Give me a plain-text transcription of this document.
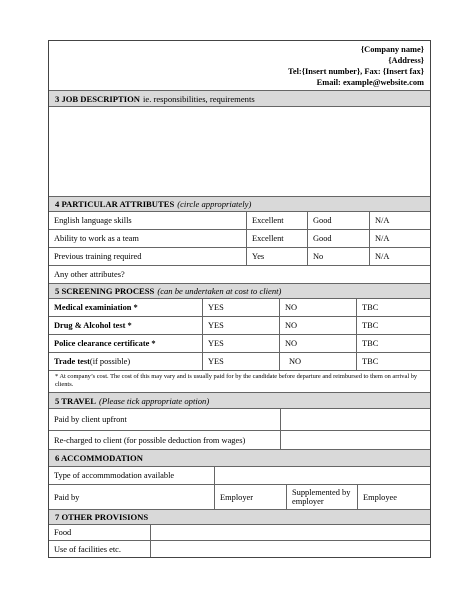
{Company name}
{Address}
Tel:{Insert number}, Fax: {Insert fax}
Email: example@website.com
3 JOB DESCRIPTION ie. responsibilities, requirements
4 PARTICULAR ATTRIBUTES (circle appropriately)
English language skills	Excellent	Good	N/A
Ability to work as a team	Excellent	Good	N/A
Previous training required	Yes	No	N/A
Any other attributes?
5 SCREENING PROCESS (can be undertaken at cost to client)
Medical examiniation *	YES	NO	TBC
Drug & Alcohol test *	YES	NO	TBC
Police clearance certificate *	YES	NO	TBC
Trade test (if possible)	YES	NO	TBC
* At company’s cost. The cost of this may vary and is usually paid for by the candidate before departure and reimbursed to them on arrival by clients.
5 TRAVEL (Please tick appropriate option)
Paid by client upfront
Re-charged to client (for possible deduction from wages)
6 ACCOMMODATION
Type of accommmodation available
Paid by	Employer	Supplemented by employer	Employee
7 OTHER PROVISIONS
Food
Use of facilities etc.
